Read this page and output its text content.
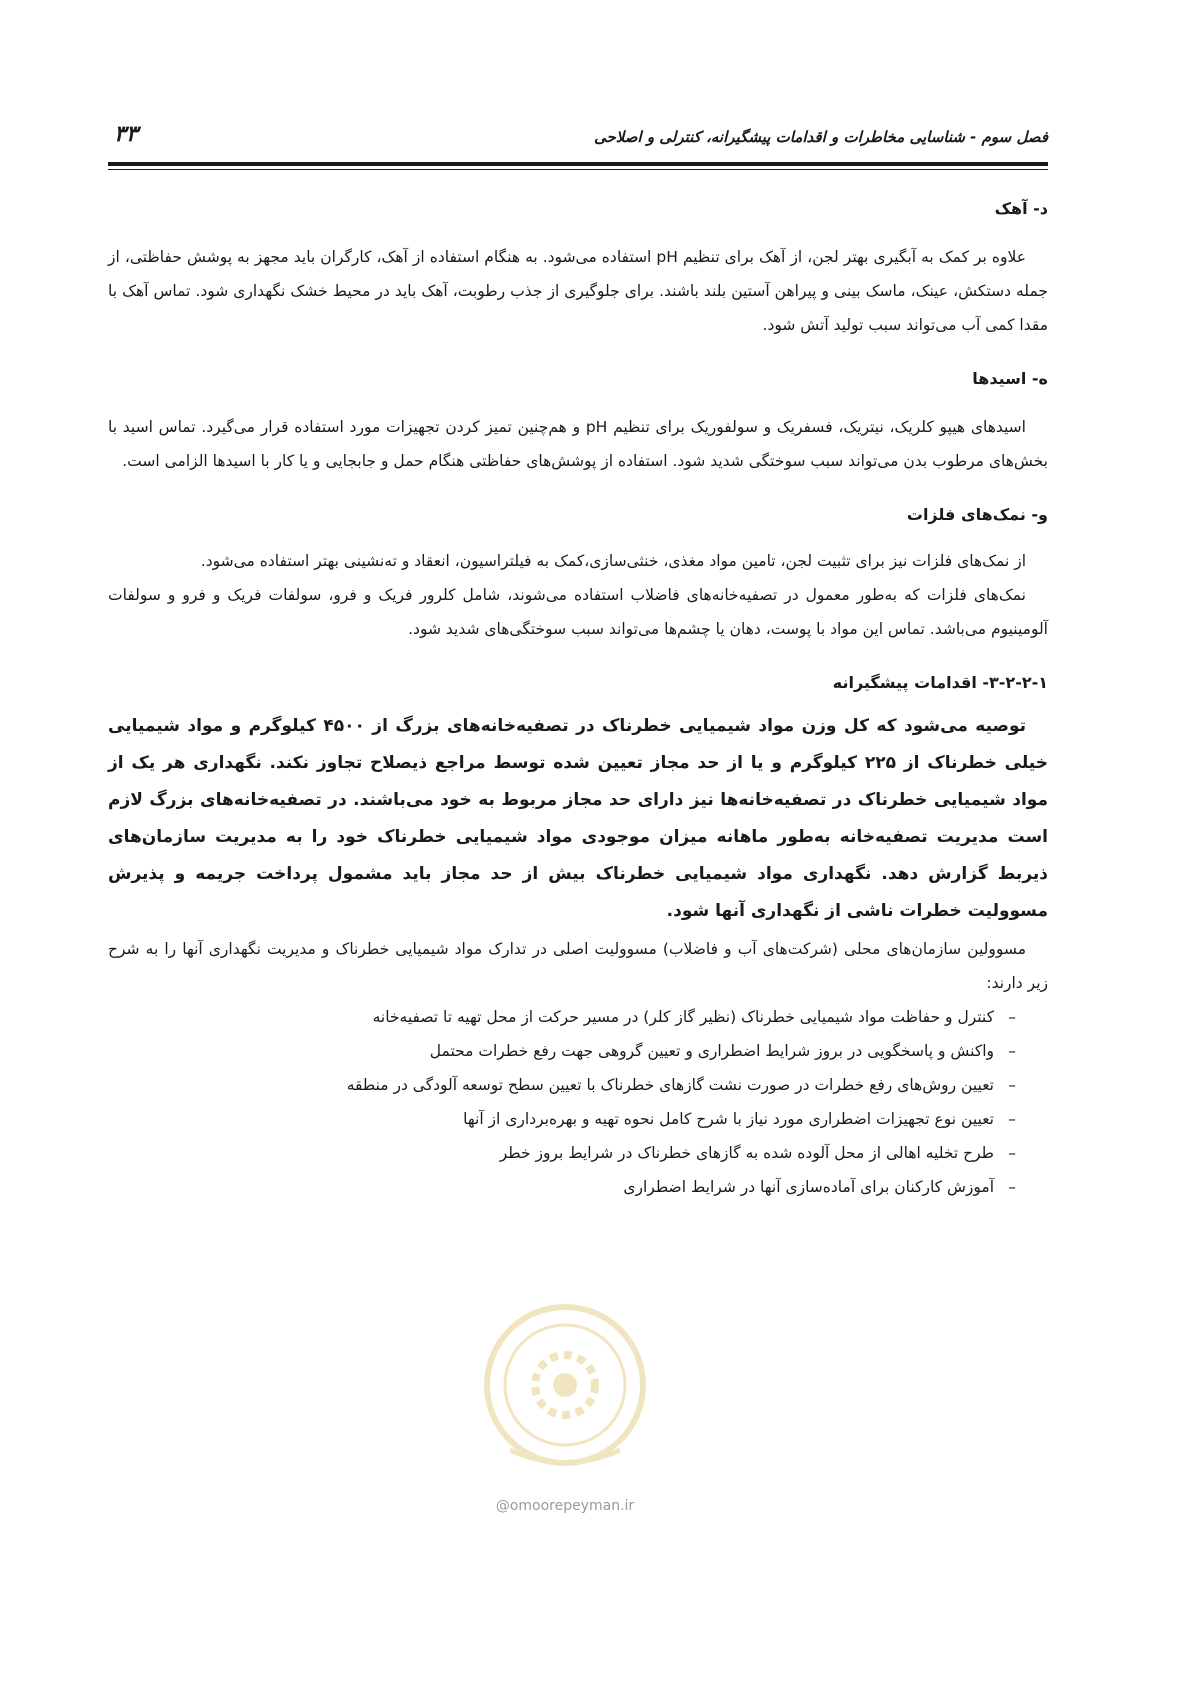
فصل سوم - شناسایی مخاطرات و اقدامات پیشگیرانه، کنترلی و اصلاحی
۳۳
د- آهک

علاوه بر کمک به آبگیری بهتر لجن، از آهک برای تنظیم pH استفاده می‌شود. به هنگام استفاده از آهک، کارگران باید مجهز به پوشش حفاظتی، از جمله دستکش، عینک، ماسک بینی و پیراهن آستین بلند باشند. برای جلوگیری از جذب رطوبت، آهک باید در محیط خشک نگهداری شود. تماس آهک با مقدا کمی آب می‌تواند سبب تولید آتش شود.

ه- اسیدها

اسیدهای هیپو کلریک، نیتریک، فسفریک و سولفوریک برای تنظیم pH و هم‌چنین تمیز کردن تجهیزات مورد استفاده قرار می‌گیرد. تماس اسید با بخش‌های مرطوب بدن می‌تواند سبب سوختگی شدید شود. استفاده از پوشش‌های حفاظتی هنگام حمل و جابجایی و یا کار با اسیدها الزامی است.

و- نمک‌های فلزات

از نمک‌های فلزات نیز برای تثبیت لجن، تامین مواد مغذی، خنثی‌سازی،کمک به فیلتراسیون، انعقاد و ته‌نشینی بهتر استفاده می‌شود.

نمک‌های فلزات که به‌طور معمول در تصفیه‌خانه‌های فاضلاب استفاده می‌شوند، شامل کلرور فریک و فرو، سولفات فریک و فرو و سولفات آلومینیوم می‌باشد. تماس این مواد با پوست، دهان یا چشم‌ها می‌تواند سبب سوختگی‌های شدید شود.

۳-۲-۲-۱- اقدامات پیشگیرانه

توصیه می‌شود که کل وزن مواد شیمیایی خطرناک در تصفیه‌خانه‌های بزرگ از ۴۵۰۰ کیلوگرم و مواد شیمیایی خیلی خطرناک از ۲۲۵ کیلوگرم و یا از حد مجاز تعیین شده توسط مراجع ذیصلاح تجاوز نکند. نگهداری هر یک از مواد شیمیایی خطرناک در تصفیه‌خانه‌ها نیز دارای حد مجاز مربوط به خود می‌باشند. در تصفیه‌خانه‌های بزرگ لازم است مدیریت تصفیه‌خانه به‌طور ماهانه میزان موجودی مواد شیمیایی خطرناک خود را به مدیریت سازمان‌های ذیربط گزارش دهد. نگهداری مواد شیمیایی خطرناک بیش از حد مجاز باید مشمول پرداخت جریمه و پذیرش مسوولیت خطرات ناشی از نگهداری آنها شود.

مسوولین سازمان‌های محلی (شرکت‌های آب و فاضلاب) مسوولیت اصلی در تدارک مواد شیمیایی خطرناک و مدیریت نگهداری آنها را به شرح زیر دارند:

– کنترل و حفاظت مواد شیمیایی خطرناک (نظیر گاز کلر) در مسیر حرکت از محل تهیه تا تصفیه‌خانه
– واکنش و پاسخگویی در بروز شرایط اضطراری و تعیین گروهی جهت رفع خطرات محتمل
– تعیین روش‌های رفع خطرات در صورت نشت گازهای خطرناک با تعیین سطح توسعه آلودگی در منطقه
– تعیین نوع تجهیزات اضطراری مورد نیاز با شرح کامل نحوه تهیه و بهره‌برداری از آنها
– طرح تخلیه اهالی از محل آلوده شده به گازهای خطرناک در شرایط بروز خطر
– آموزش کارکنان برای آماده‌سازی آنها در شرایط اضطراری
@omoorepeyman.ir
